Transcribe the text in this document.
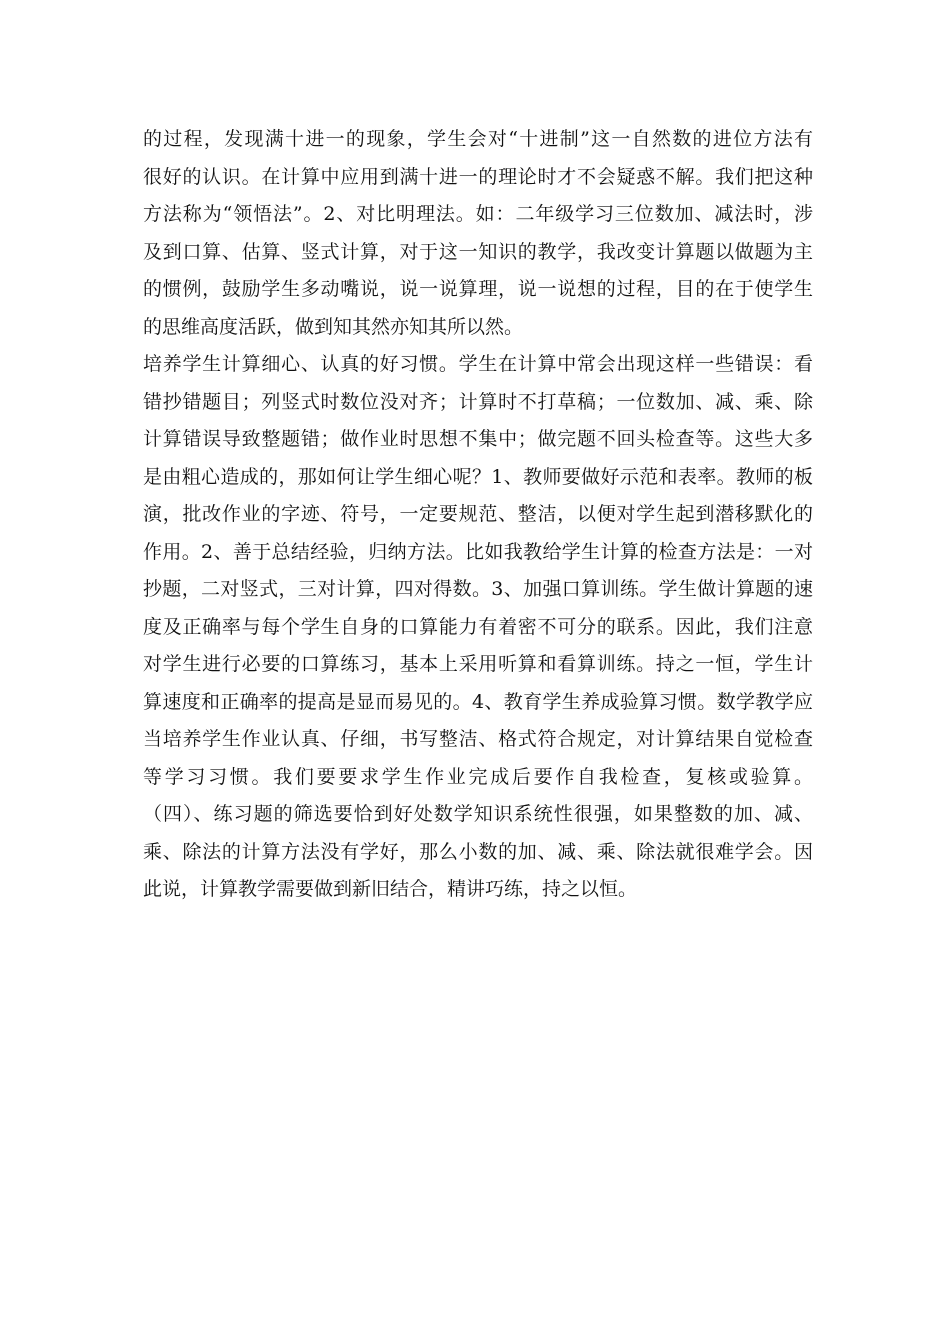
的过程，发现满十进一的现象，学生会对“十进制”这一自然数的进位方法有
很好的认识。在计算中应用到满十进一的理论时才不会疑惑不解。我们把这种
方法称为“领悟法”。2、对比明理法。如：二年级学习三位数加、减法时，涉
及到口算、估算、竖式计算，对于这一知识的教学，我改变计算题以做题为主
的惯例，鼓励学生多动嘴说，说一说算理，说一说想的过程，目的在于使学生
的思维高度活跃，做到知其然亦知其所以然。
培养学生计算细心、认真的好习惯。学生在计算中常会出现这样一些错误：看
错抄错题目；列竖式时数位没对齐；计算时不打草稿；一位数加、减、乘、除
计算错误导致整题错；做作业时思想不集中；做完题不回头检查等。这些大多
是由粗心造成的，那如何让学生细心呢？1、教师要做好示范和表率。教师的板
演，批改作业的字迹、符号，一定要规范、整洁，以便对学生起到潜移默化的
作用。2、善于总结经验，归纳方法。比如我教给学生计算的检查方法是：一对
抄题，二对竖式，三对计算，四对得数。3、加强口算训练。学生做计算题的速
度及正确率与每个学生自身的口算能力有着密不可分的联系。因此，我们注意
对学生进行必要的口算练习，基本上采用听算和看算训练。持之一恒，学生计
算速度和正确率的提高是显而易见的。4、教育学生养成验算习惯。数学教学应
当培养学生作业认真、仔细，书写整洁、格式符合规定，对计算结果自觉检查
等学习习惯。我们要要求学生作业完成后要作自我检查，复核或验算。
（四）、练习题的筛选要恰到好处数学知识系统性很强，如果整数的加、减、
乘、除法的计算方法没有学好，那么小数的加、减、乘、除法就很难学会。因
此说，计算教学需要做到新旧结合，精讲巧练，持之以恒。
